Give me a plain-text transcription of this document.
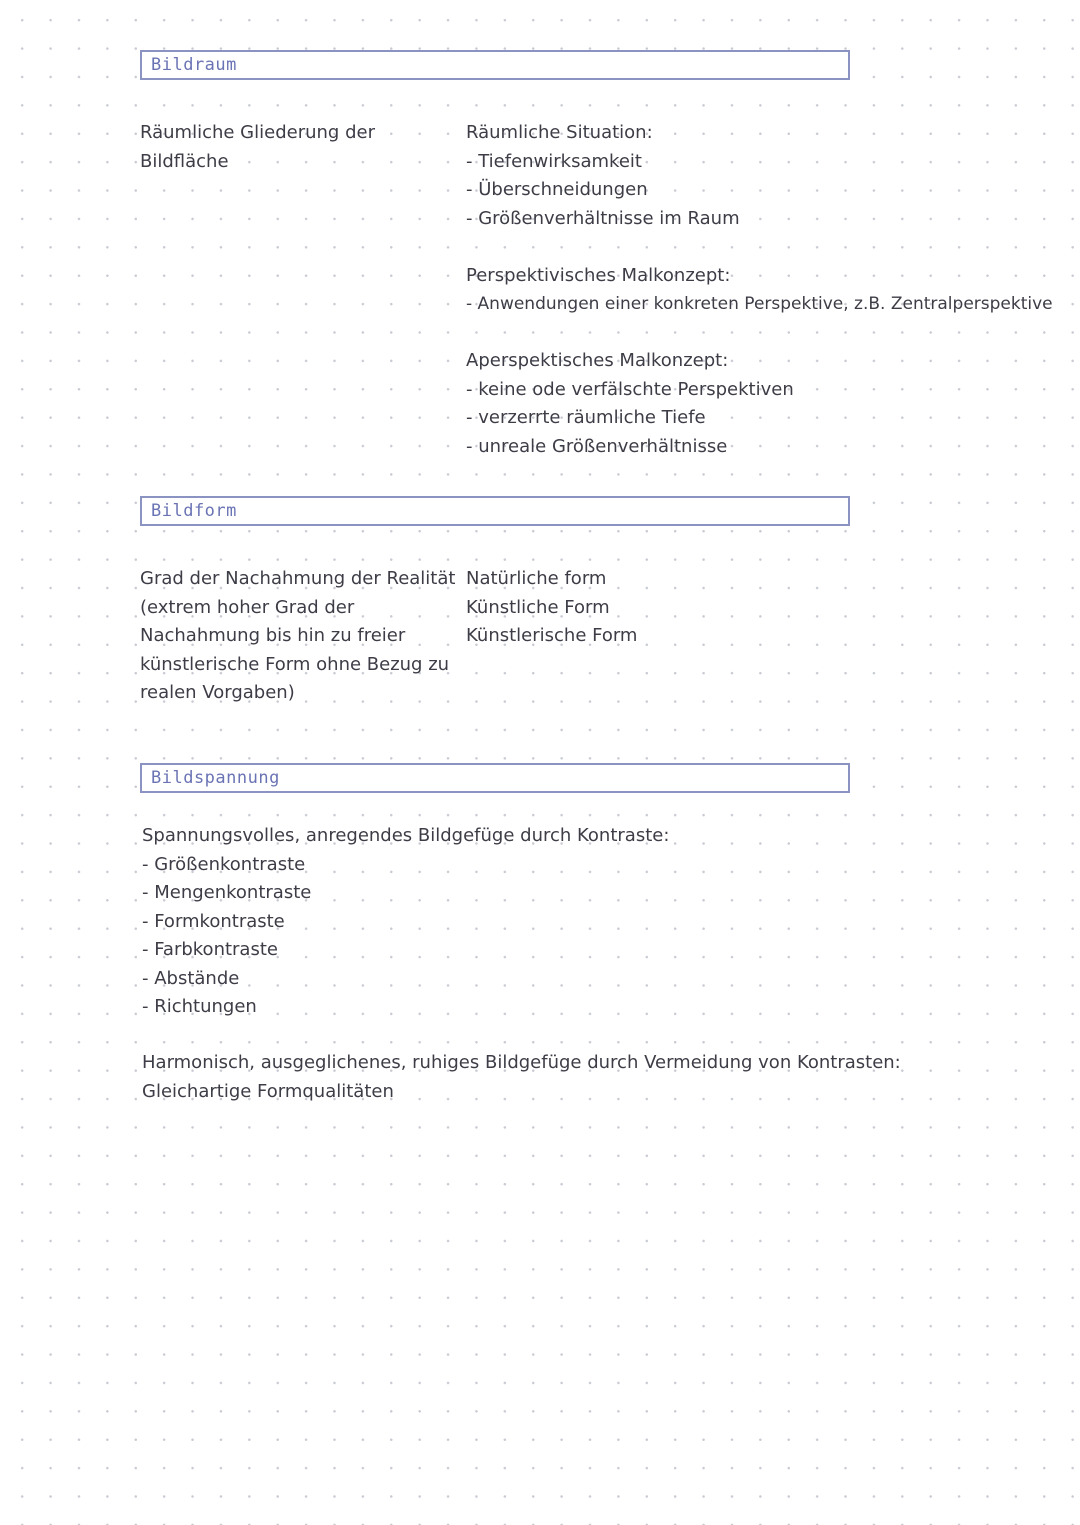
Bildraum
Räumliche Gliederung der
Bildfläche
Räumliche Situation:
- Tiefenwirksamkeit
- Überschneidungen
- Größenverhältnisse im Raum
Perspektivisches Malkonzept:
- Anwendungen einer konkreten Perspektive, z.B. Zentralperspektive
Aperspektisches Malkonzept:
- keine ode verfälschte Perspektiven
- verzerrte räumliche Tiefe
- unreale Größenverhältnisse
Bildform
Grad der Nachahmung der Realität
(extrem hoher Grad der
Nachahmung bis hin zu freier
künstlerische Form ohne Bezug zu
realen Vorgaben)
Natürliche form
Künstliche Form
Künstlerische Form
Bildspannung
Spannungsvolles, anregendes Bildgefüge durch Kontraste:
- Größenkontraste
- Mengenkontraste
- Formkontraste
- Farbkontraste
- Abstände
- Richtungen
Harmonisch, ausgeglichenes, ruhiges Bildgefüge durch Vermeidung von Kontrasten:
Gleichartige Formqualitäten
